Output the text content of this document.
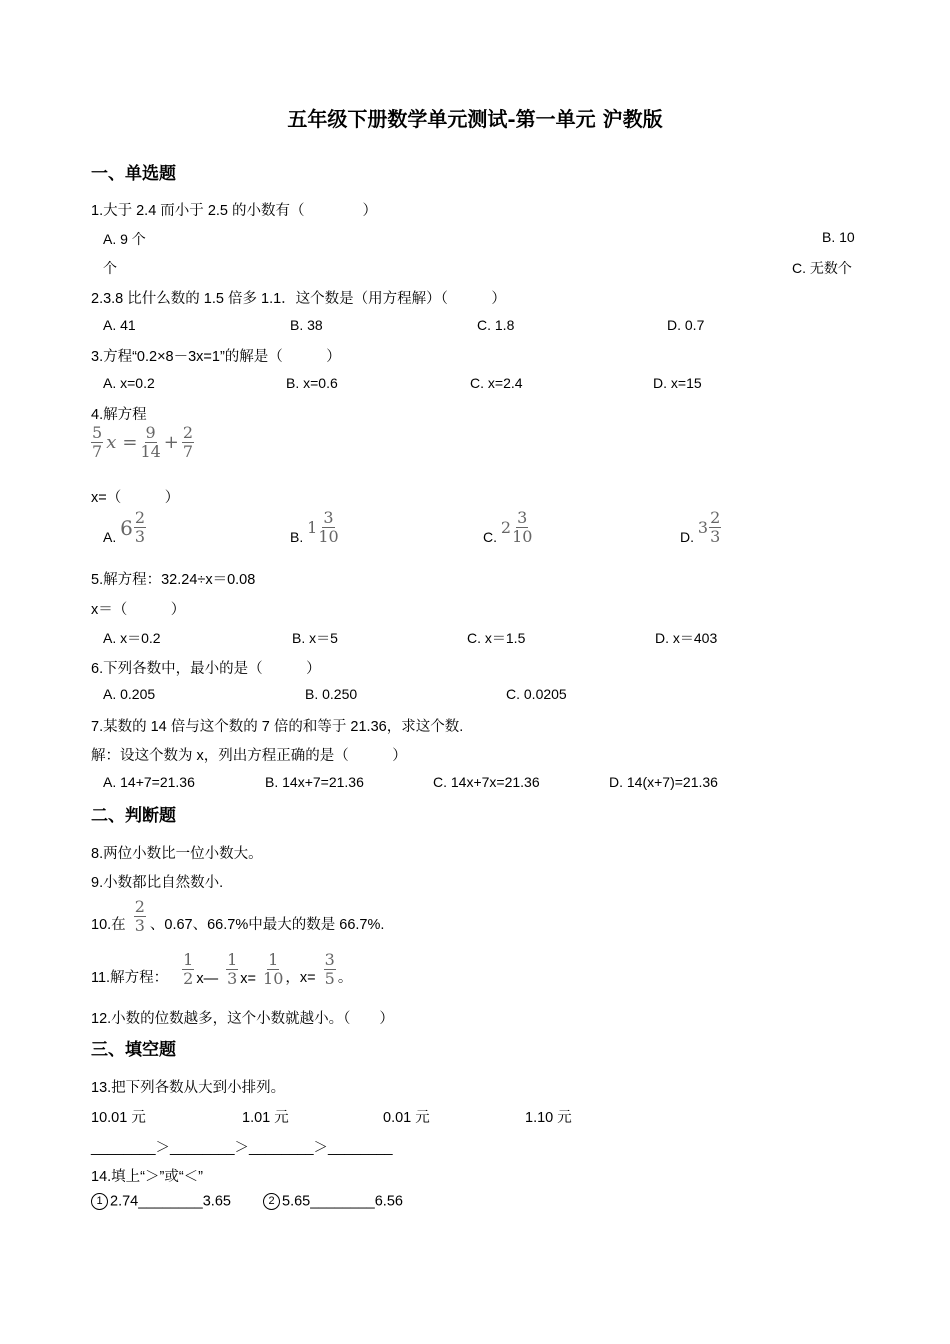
五年级下册数学单元测试-第一单元 沪教版
一、单选题
1.大于 2.4 而小于 2.5 的小数有（　　　　）
A. 9 个	B. 10
个	C. 无数个
2.3.8 比什么数的 1.5 倍多 1.1．这个数是（用方程解）（　　　）
A. 41	B. 38	C. 1.8	D. 0.7
3.方程“0.2×8－3x=1”的解是（　　　）
A. x=0.2	B. x=0.6	C. x=2.4	D. x=15
4.解方程
$\frac{5}{7}$ $x = \frac{9}{14} + \frac{2}{7}$
x=（　　　）
A. $6 \frac{2}{3}$	B. $1 \frac{3}{10}$	C. $2 \frac{3}{10}$	D. $3 \frac{2}{3}$
5.解方程：32.24÷x＝0.08
x＝（　　　）
A. x＝0.2	B. x＝5	C. x＝1.5	D. x＝403
6.下列各数中，最小的是（　　　）
A. 0.205	B. 0.250	C. 0.0205
7.某数的 14 倍与这个数的 7 倍的和等于 21.36，求这个数.
解：设这个数为 x，列出方程正确的是（　　　）
A. 14+7=21.36	B. 14x+7=21.36	C. 14x+7x=21.36	D. 14(x+7)=21.36
二、判断题
8.两位小数比一位小数大。
9.小数都比自然数小.
10.在 $\frac{2}{3}$ 、0.67、66.7%中最大的数是 66.7%.
11.解方程： $\frac{1}{2}$ x— $\frac{1}{3} x= \frac{1}{10}$ ，$x= \frac{3}{5}$ 。
12.小数的位数越多，这个小数就越小。（　　）
三、填空题
13.把下列各数从大到小排列。
10.01 元	1.01 元	0.01 元	1.10 元
________＞________＞________＞________
14.填上“＞”或“＜”
1 2.74________3.65	2 5.65________6.56
